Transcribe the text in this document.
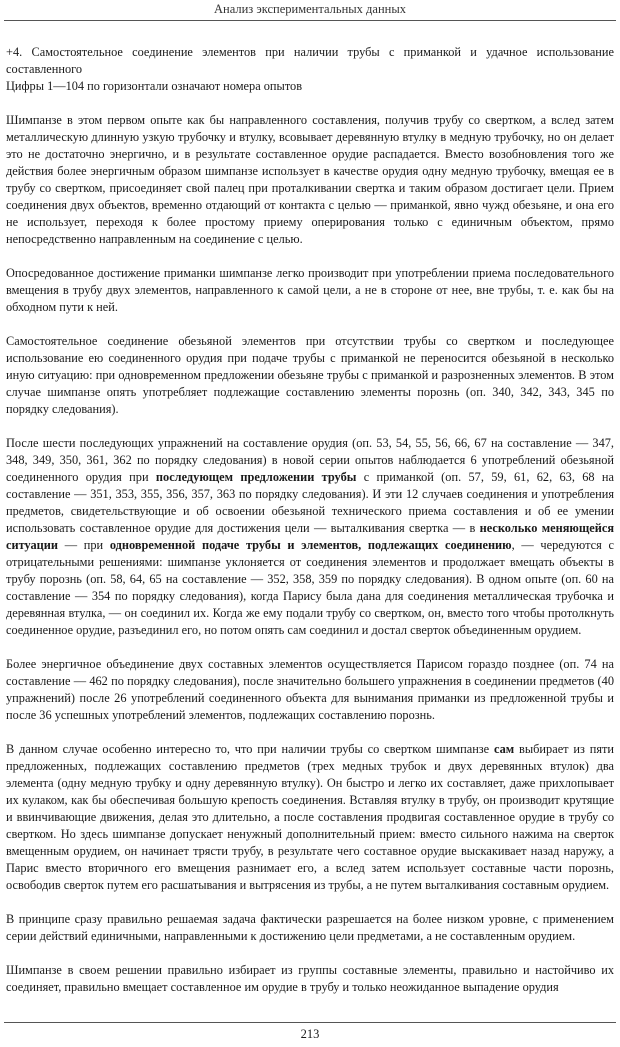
Анализ экспериментальных данных

+4. Самостоятельное соединение элементов при наличии трубы с приманкой и удачное использование составленного

Цифры 1—104 по горизонтали означают номера опытов

Шимпанзе в этом первом опыте как бы направленного составления, получив трубу со свертком, а вслед затем металлическую длинную узкую трубочку и втулку, всовывает деревянную втулку в медную трубочку, но он делает это не достаточно энергично, и в результате составленное орудие распадается. Вместо возобновления того же действия более энергичным образом шимпанзе использует в качестве орудия одну медную трубочку, вмещая ее в трубу со свертком, присоединяет свой палец при проталкивании свертка и таким образом достигает цели. Прием соединения двух объектов, временно отдающий от контакта с целью — приманкой, явно чужд обезьяне, и она его не использует, переходя к более простому приему оперирования только с единичным объектом, прямо непосредственно направленным на соединение с целью.

Опосредованное достижение приманки шимпанзе легко производит при употреблении приема последовательного вмещения в трубу двух элементов, направленного к самой цели, а не в стороне от нее, вне трубы, т. е. как бы на обходном пути к ней.

Самостоятельное соединение обезьяной элементов при отсутствии трубы со свертком и последующее использование ею соединенного орудия при подаче трубы с приманкой не переносится обезьяной в несколько иную ситуацию: при одновременном предложении обезьяне трубы с приманкой и разрозненных элементов. В этом случае шимпанзе опять употребляет подлежащие составлению элементы порознь (оп. 340, 342, 343, 345 по порядку следования).

После шести последующих упражнений на составление орудия (оп. 53, 54, 55, 56, 66, 67 на составление — 347, 348, 349, 350, 361, 362 по порядку следования) в новой серии опытов наблюдается 6 употреблений обезьяной соединенного орудия при последующем предложении трубы с приманкой (оп. 57, 59, 61, 62, 63, 68 на составление — 351, 353, 355, 356, 357, 363 по порядку следования). И эти 12 случаев соединения и употребления предметов, свидетельствующие и об освоении обезьяной технического приема составления и об ее умении использовать составленное орудие для достижения цели — выталкивания свертка — в несколько меняющейся ситуации — при одновременной подаче трубы и элементов, подлежащих соединению, — чередуются с отрицательными решениями: шимпанзе уклоняется от соединения элементов и продолжает вмещать объекты в трубу порознь (оп. 58, 64, 65 на составление — 352, 358, 359 по порядку следования). В одном опыте (оп. 60 на составление — 354 по порядку следования), когда Парису была дана для соединения металлическая трубочка и деревянная втулка, — он соединил их. Когда же ему подали трубу со свертком, он, вместо того чтобы протолкнуть соединенное орудие, разъединил его, но потом опять сам соединил и достал сверток объединенным орудием.

Более энергичное объединение двух составных элементов осуществляется Парисом гораздо позднее (оп. 74 на составление — 462 по порядку следования), после значительно большего упражнения в соединении предметов (40 упражнений) после 26 употреблений соединенного объекта для вынимания приманки из предложенной трубы и после 36 успешных употреблений элементов, подлежащих составлению порознь.

В данном случае особенно интересно то, что при наличии трубы со свертком шимпанзе сам выбирает из пяти предложенных, подлежащих составлению предметов (трех медных трубок и двух деревянных втулок) два элемента (одну медную трубку и одну деревянную втулку). Он быстро и легко их составляет, даже прихлопывает их кулаком, как бы обеспечивая большую крепость соединения. Вставляя втулку в трубу, он производит крутящие и ввинчивающие движения, делая это длительно, а после составления продвигая составленное орудие в трубу со свертком. Но здесь шимпанзе допускает ненужный дополнительный прием: вместо сильного нажима на сверток вмещенным орудием, он начинает трясти трубу, в результате чего составное орудие выскакивает назад наружу, а Парис вместо вторичного его вмещения разнимает его, а вслед затем использует составные части порознь, освободив сверток путем его расшатывания и вытрясения из трубы, а не путем выталкивания составным орудием.

В принципе сразу правильно решаемая задача фактически разрешается на более низком уровне, с применением серии действий единичными, направленными к достижению цели предметами, а не составленным орудием.

Шимпанзе в своем решении правильно избирает из группы составные элементы, правильно и настойчиво их соединяет, правильно вмещает составленное им орудие в трубу и только неожиданное выпадение орудия

213
